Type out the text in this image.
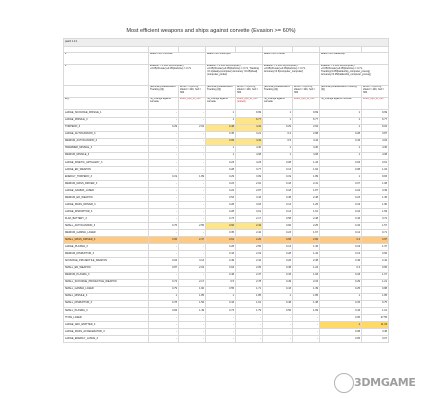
Most efficient weapons and ships against corvette (Evasion >= 60%)
patch 1.0.1								

#	attack from Corvette		attack from Destroyer		attack from Cruiser		attack from Battleship	
#	Evasion = 0.6+0.11(computer) +0.05(thruster)+0.05(doctrine) = 0.71		Evasion = 0.6+0.11(computer) +0.05(thruster)+0.05(doctrine) = 0.71, Tracking =0.1(ideal)+(computer) Accuracy =0.05(ideal)(computer_picket)		Evasion = 0.6+0.11(computer) +0.05(thruster)+0.05(doctrine) = 0.71, Accuracy=0.6(computer_computer)		Evasion = 0.6+0.11(computer) +0.05(thruster)+0.05(doctrine) = 0.71, Tracking=0.05(battleship_computer_precog) Accuracy=0.05(battleship_computer_precog)	
	(accuracy-MaxEvasion-Tracking (0))	armor = 0(3.8%), shield = 100, hull = 300	(accuracy-MaxEvasion-Tracking (0))	armor = 0(3.8%), shield = 100, hull = 300	(accuracy-MaxEvasion-Tracking (0))	armor = 0(3.8%), shield = 100, hull = 300	(accuracy-MaxEvasion-Tracking (0))	armor = 0(3.8%), shield = 100, hull = 300
key	hit_change against corvette	effect_dps_to_hull	hit_change against corvette	effect_dps_to_hull (sorted)	hit_change against corvette	effect_dps_to_hull	hit_change against corvette	effect_dps_to_hull
LARGE_SCOURGE_MISSILE_1	-	-	1	9.69	1	9.69	1	9.69
LARGE_MISSILE_3	-	-	1	6.77	1	6.77	1	6.77
TORPEDO_3	0.29	2.62	0.48	4.32	0.29	2.62	1	9.02
LARGE_AUTOCANNON_3	-	-	0.35	3.21	0.2	2.98	0.28	3.87
MEDIUM_AUTOCANNON_3	-	-	0.65	4.32	0.5	4.44	0.43	4.04
SWARMER_MISSILE_3	-	-	1	4.30	1	4.30	1	4.30
MEDIUM_MISSILE_3	-	-	1	4.08	1	4.08	1	4.08
LARGE_KINETIC_ARTILLERY_3	-	-	0.23	4.23	0.08	1.42	0.03	0.61
LARGE_ED_WEAPON	-	-	0.28	3.77	0.13	1.62	0.08	1.04
ENERGY_TORPEDO_3	0.19	1.89	0.29	3.09	0.19	1.89	1	9.83
MEDIUM_MASS_DRIVER_3	-	-	0.23	2.91	0.18	2.41	0.07	1.08
LARGE_GAMMA_LASER	-	-	0.22	2.87	0.18	1.87	0.24	3.39
MEDIUM_ED_WEAPON	-	-	0.53	3.43	0.38	2.48	0.23	1.45
LARGE_MASS_DRIVER_3	-	-	0.28	3.03	0.13	1.25	0.19	1.90
LARGE_DISRUPTOR_3	-	-	0.28	3.01	0.13	1.61	0.16	1.69
FLAK_BATTERY_3	-	-	0.73	2.17	0.58	2.48	0.43	3.72
SMALL_AUTOCANNON_3	0.76	2.55	0.66	2.32	0.82	2.25	0.34	1.57
MEDIUM_GAMMA_LASER	-	-	0.35	2.42	0.23	1.67	0.14	0.71
SMALL_MASS_DRIVER_3	0.65	2.37	0.61	2.26	0.65	2.60	0.2	0.87
LARGE_PLASMA_3	-	-	0.28	2.56	0.13	1.36	0.19	1.37
MEDIUM_DISRUPTOR_3	-	-	0.43	2.19	0.28	1.42	0.13	0.66
SCOURGE_PROJECTILE_WEAPON	0.64	3.13	0.49	2.42	0.26	2.38	0.49	2.42
SMALL_ED_WEAPON	0.87	2.04	0.63	2.05	0.38	1.24	0.3	0.65
MEDIUM_PLASMA_3	-	-	0.48	2.37	0.33	1.93	0.18	1.07
SMALL_SCOURGE_PROJECTILE_WEAPON	0.74	2.17	0.5	2.78	0.49	2.15	0.29	1.21
SMALL_GAMMA_LASER	0.79	1.60	0.55	1.71	0.43	1.39	0.25	0.88
SMALL_MISSILE_3	1	1.85	1	1.85	1	1.85	1	1.85
SMALL_DISRUPTOR_3	0.78	1.56	0.43	1.61	0.48	1.38	0.33	0.75
SMALL_PLASMA_3	0.84	1.49	0.73	1.79	0.56	1.69	0.43	1.01
TITAN_LASER	-	-	-	-	-	-	0.05	27.55
LARGE_ARC_EMITTER_3	-	-	-	-	-	-	1	11.15
LARGE_MASS_ACCELERATOR_3	-	-	-	-	-	-	0.08	3.48
LARGE_ENERGY_LANCE_3	-	-	-	-	-	-	0.05	3.07
3DMGAME
